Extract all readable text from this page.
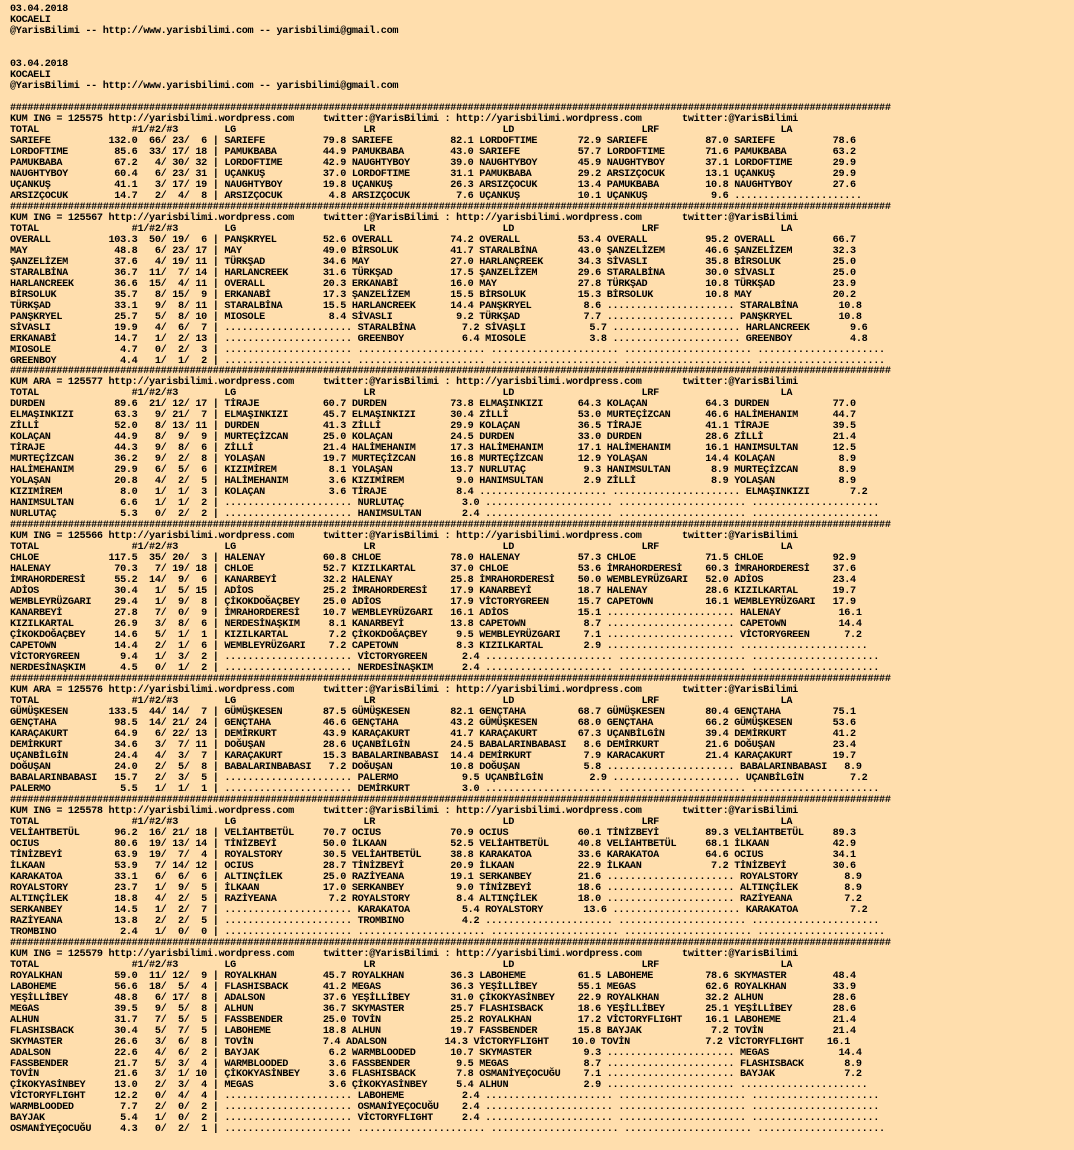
03.04.2018
KOCAELI
@YarisBilimi -- http://www.yarisbilimi.com -- yarisbilimi@gmail.com

03.04.2018
KOCAELI
@YarisBilimi -- http://www.yarisbilimi.com -- yarisbilimi@gmail.com

########################################################################################################################################################
KUM ING = 125575 http://yarisbilimi.wordpress.com     twitter:@YarisBilimi : http://yarisbilimi.wordpress.com       twitter:@YarisBilimi
TOTAL                #1/#2/#3        LG                      LR                      LD                      LRF                     LA
SARIEFE          132.0  66/ 23/  6 | SARIEFE          79.8 SARIEFE          82.1 LORDOFTIME       72.9 SARIEFE          87.0 SARIEFE          78.6
LORDOFTIME        85.6  33/ 17/ 18 | PAMUKBABA        44.9 PAMUKBABA        43.0 SARIEFE          57.7 LORDOFTIME       71.6 PAMUKBABA        63.2
PAMUKBABA         67.2   4/ 30/ 32 | LORDOFTIME       42.9 NAUGHTYBOY       39.0 NAUGHTYBOY       45.9 NAUGHTYBOY       37.1 LORDOFTIME       29.9
NAUGHTYBOY        60.4   6/ 23/ 31 | UÇANKUŞ          37.0 LORDOFTIME       31.1 PAMUKBABA        29.2 ARSIZÇOCUK       13.1 UÇANKUŞ          29.9
UÇANKUŞ           41.1   3/ 17/ 19 | NAUGHTYBOY       19.8 UÇANKUŞ          26.3 ARSIZÇOCUK       13.4 PAMUKBABA        10.8 NAUGHTYBOY       27.6
ARSIZÇOCUK        14.7   2/  4/  8 | ARSIZÇOCUK        4.8 ARSIZÇOCUK        7.6 UÇANKUŞ          10.1 UÇANKUŞ           9.6 ......................
########################################################################################################################################################
KUM ING = 125567 http://yarisbilimi.wordpress.com     twitter:@YarisBilimi : http://yarisbilimi.wordpress.com       twitter:@YarisBilimi
TOTAL                #1/#2/#3        LG                      LR                      LD                      LRF                     LA
OVERALL          103.3  50/ 19/  6 | PANŞKRYEL        52.6 OVERALL          74.2 OVERALL          53.4 OVERALL          95.2 OVERALL          66.7
MAY               48.8   6/ 23/ 17 | MAY              49.0 BİRSOLUK         41.7 STARALBİNA       43.0 ŞANZELİZEM       46.6 ŞANZELİZEM       32.3
ŞANZELİZEM        37.6   4/ 19/ 11 | TÜRKŞAD          34.6 MAY              27.0 HARLANÇREEK      34.3 SİVASLI          35.8 BİRSOLUK         25.0
STARALBİNA        36.7  11/  7/ 14 | HARLANCREEK      31.6 TÜRKŞAD          17.5 ŞANZELİZEM       29.6 STARALBİNA       30.0 SİVASLI          25.0
HARLANCREEK       36.6  15/  4/ 11 | OVERALL          20.3 ERKANABİ         16.0 MAY              27.8 TÜRKŞAD          10.8 TÜRKŞAD          23.9
BİRSOLUK          35.7   8/ 15/  9 | ERKANABİ         17.3 ŞANZELİZEM       15.5 BİRSOLUK         15.3 BİRSOLUK         10.8 MAY              20.2
TÜRKŞAD           33.1   9/  8/ 11 | STARALBİNA       15.5 HARLANCREEK      14.4 PANŞKRYEL         8.6 ...................... STARALBİNA       10.8
PANŞKRYEL         25.7   5/  8/ 10 | MIOSOLE           8.4 SİVASLI           9.2 TÜRKŞAD           7.7 ...................... PANŞKRYEL        10.8
SİVASLI           19.9   4/  6/  7 | ...................... STARALBİNA        7.2 SİVAŞLI           5.7 ...................... HARLANCREEK       9.6
ERKANABİ          14.7   1/  2/ 13 | ...................... GREENBOY          6.4 MIOSOLE           3.8 ...................... GREENBOY          4.8
MIOSOLE            4.7   0/  2/  3 | ...................... ...................... ...................... ...................... ......................
GREENBOY           4.4   1/  1/  2 | ...................... ...................... ...................... ...................... ......................
########################################################################################################################################################
KUM ARA = 125577 http://yarisbilimi.wordpress.com     twitter:@YarisBilimi : http://yarisbilimi.wordpress.com       twitter:@YarisBilimi
TOTAL                #1/#2/#3        LG                      LR                      LD                      LRF                     LA
DURDEN            89.6  21/ 12/ 17 | TİRAJE           60.7 DURDEN           73.8 ELMAŞINKIZI      64.3 KOLAÇAN          64.3 DURDEN           77.0
ELMAŞINKIZI       63.3   9/ 21/  7 | ELMAŞINKIZI      45.7 ELMAŞINKIZI      30.4 ZİLLİ            53.0 MURTEÇİZCAN      46.6 HALİMEHANIM      44.7
ZİLLİ             52.0   8/ 13/ 11 | DURDEN           41.3 ZİLLİ            29.9 KOLAÇAN          36.5 TİRAJE           41.1 TİRAJE           39.5
KOLAÇAN           44.9   8/  9/  9 | MURTEÇİZCAN      25.0 KOLAÇAN          24.5 DURDEN           33.0 DURDEN           28.6 ZİLLİ            21.4
TİRAJE            44.3   9/  8/  6 | ZİLLİ            21.4 HALİMEHANIM      17.3 HALİMEHANIM      17.1 HALİMEHANIM      16.1 HANIMSULTAN      12.5
MURTEÇİZCAN       36.2   9/  2/  8 | YOLAŞAN          19.7 MURTEÇİZCAN      16.8 MURTEÇİZCAN      12.9 YOLAŞAN          14.4 KOLAÇAN           8.9
HALİMEHANIM       29.9   6/  5/  6 | KIZIMİREM         8.1 YOLAŞAN          13.7 NURLUTAÇ          9.3 HANIMSULTAN       8.9 MURTEÇİZCAN       8.9
YOLAŞAN           20.8   4/  2/  5 | HALİMEHANIM       3.6 KIZIMİREM         9.0 HANIMSULTAN       2.9 ZİLLİ             8.9 YOLAŞAN           8.9
KIZIMİREM          8.0   1/  1/  3 | KOLAÇAN           3.6 TİRAJE            8.4 ...................... ...................... ELMAŞINKIZI       7.2
HANIMSULTAN        6.6   1/  1/  2 | ...................... NURLUTAÇ          3.0 ...................... ...................... ......................
NURLUTAÇ           5.3   0/  2/  2 | ...................... HANIMSULTAN       2.4 ...................... ...................... ......................
########################################################################################################################################################
KUM ING = 125566 http://yarisbilimi.wordpress.com     twitter:@YarisBilimi : http://yarisbilimi.wordpress.com       twitter:@YarisBilimi
TOTAL                #1/#2/#3        LG                      LR                      LD                      LRF                     LA
CHLOE            117.5  35/ 20/  3 | HALENAY          60.8 CHLOE            78.0 HALENAY          57.3 CHLOE            71.5 CHLOE            92.9
HALENAY           70.3   7/ 19/ 18 | CHLOE            52.7 KIZILKARTAL      37.0 CHLOE            53.6 İMRAHORDERESİ    60.3 İMRAHORDERESİ    37.6
İMRAHORDERESİ     55.2  14/  9/  6 | KANARBEYİ        32.2 HALENAY          25.8 İMRAHORDERESİ    50.0 WEMBLEYRÜZGARI   52.0 ADİOS            23.4
ADİOS             30.4   1/  5/ 15 | ADİOS            25.2 İMRAHORDERESİ    17.9 KANARBEYİ        18.7 HALENAY          28.6 KIZILKARTAL      19.7
WEMBLEYRÜZGARI    29.4   1/  9/  8 | ÇİKOKDOĞAÇBEY    25.0 ADİOS            17.9 VİCTORYGREEN     15.7 CAPETOWN         16.1 WEMBLEYRÜZGARI   17.9
KANARBEYİ         27.8   7/  0/  9 | İMRAHORDERESİ    10.7 WEMBLEYRÜZGARI   16.1 ADİOS            15.1 ...................... HALENAY          16.1
KIZILKARTAL       26.9   3/  8/  6 | NERDESİNAŞKIM     8.1 KANARBEYİ        13.8 CAPETOWN          8.7 ...................... CAPETOWN         14.4
ÇİKOKDOĞAÇBEY     14.6   5/  1/  1 | KIZILKARTAL       7.2 ÇİKOKDOĞAÇBEY     9.5 WEMBLEYRÜZGARI    7.1 ...................... VİCTORYGREEN      7.2
CAPETOWN          14.4   2/  1/  6 | WEMBLEYRÜZGARI    7.2 CAPETOWN          8.3 KIZILKARTAL       2.9 ...................... ......................
VİCTORYGREEN       9.4   1/  3/  2 | ...................... VİCTORYGREEN      2.4 ...................... ...................... ......................
NERDESİNAŞKIM      4.5   0/  1/  2 | ...................... NERDESİNAŞKIM     2.4 ...................... ...................... ......................
########################################################################################################################################################
KUM ARA = 125576 http://yarisbilimi.wordpress.com     twitter:@YarisBilimi : http://yarisbilimi.wordpress.com       twitter:@YarisBilimi
TOTAL                #1/#2/#3        LG                      LR                      LD                      LRF                     LA
GÜMÜŞKESEN       133.5  44/ 14/  7 | GÜMÜŞKESEN       87.5 GÜMÜŞKESEN       82.1 GENÇTAHA         68.7 GÜMÜŞKESEN       80.4 GENÇTAHA         75.1
GENÇTAHA          98.5  14/ 21/ 24 | GENÇTAHA         46.6 GENÇTAHA         43.2 GÜMÜŞKESEN       68.0 GENÇTAHA         66.2 GÜMÜŞKESEN       53.6
KARAÇAKURT        64.9   6/ 22/ 13 | DEMİRKURT        43.9 KARAÇAKURT       41.7 KARAÇAKURT       67.3 UÇANBİLGİN       39.4 DEMİRKURT        41.2
DEMİRKURT         34.6   3/  7/ 11 | DOĞUŞAN          28.6 UÇANBİLGİN       24.5 BABALARINBABASI   8.6 DEMİRKURT        21.6 DOĞUŞAN          23.4
UÇANBİLGİN        24.4   4/  3/  7 | KARAÇAKURT       15.3 BABALARINBABASI  14.4 DEMİRKURT         7.9 KARACAKURT       21.4 KARAÇAKURT       19.7
DOĞUŞAN           24.0   2/  5/  8 | BABALARINBABASI   7.2 DOĞUŞAN          10.8 DOĞUŞAN           5.8 ...................... BABALARINBABASI   8.9
BABALARINBABASI   15.7   2/  3/  5 | ...................... PALERMO           9.5 UÇANBİLGİN        2.9 ...................... UÇANBİLGİN        7.2
PALERMO            5.5   1/  1/  1 | ...................... DEMİRKURT         3.0 ...................... ...................... ......................
########################################################################################################################################################
KUM ING = 125578 http://yarisbilimi.wordpress.com     twitter:@YarisBilimi : http://yarisbilimi.wordpress.com       twitter:@YarisBilimi
TOTAL                #1/#2/#3        LG                      LR                      LD                      LRF                     LA
VELİAHTBETÜL      96.2  16/ 21/ 18 | VELİAHTBETÜL     70.7 OCIUS            70.9 OCIUS            60.1 TİNİZBEYİ        89.3 VELİAHTBETÜL     89.3
OCIUS             80.6  19/ 13/ 14 | TİNİZBEYİ        50.0 İLKAAN           52.5 VELİAHTBETÜL     40.8 VELİAHTBETÜL     68.1 İLKAAN           42.9
TİNİZBEYİ         63.9  19/  7/  4 | ROYALSTORY       30.5 VELİAHTBETÜL     38.8 KARAKATOA        33.6 KARAKATOA        64.6 OCIUS            34.1
İLKAAN            53.9   7/ 14/ 12 | OCIUS            28.7 TİNİZBEYİ        20.9 İLKAAN           22.9 İLKAAN            7.2 TİNİZBEYİ        30.6
KARAKATOA         33.1   6/  6/  6 | ALTINÇİLEK       25.0 RAZİYEANA        19.1 SERKANBEY        21.6 ...................... ROYALSTORY        8.9
ROYALSTORY        23.7   1/  9/  5 | İLKAAN           17.0 SERKANBEY         9.0 TİNİZBEYİ        18.6 ...................... ALTINÇİLEK        8.9
ALTINÇİLEK        18.8   4/  2/  5 | RAZİYEANA         7.2 ROYALSTORY        8.4 ALTINÇİLEK       18.0 ...................... RAZİYEANA         7.2
SERKANBEY         14.5   1/  2/  7 | ...................... KARAKATOA         5.4 ROYALSTORY       13.6 ...................... KARAKATOA         7.2
RAZİYEANA         13.8   2/  2/  5 | ...................... TROMBINO          4.2 ...................... ...................... ......................
TROMBINO           2.4   1/  0/  0 | ...................... ...................... ...................... ...................... ......................
########################################################################################################################################################
KUM ING = 125579 http://yarisbilimi.wordpress.com     twitter:@YarisBilimi : http://yarisbilimi.wordpress.com       twitter:@YarisBilimi
TOTAL                #1/#2/#3        LG                      LR                      LD                      LRF                     LA
ROYALKHAN         59.0  11/ 12/  9 | ROYALKHAN        45.7 ROYALKHAN        36.3 LABOHEME         61.5 LABOHEME         78.6 SKYMASTER        48.4
LABOHEME          56.6  18/  5/  4 | FLASHISBACK      41.2 MEGAS            36.3 YEŞİLLİBEY       55.1 MEGAS            62.6 ROYALKHAN        33.9
YEŞİLLİBEY        48.8   6/ 17/  8 | ADALSON          37.6 YEŞİLLİBEY       31.0 ÇİKOKYASİNBEY    22.9 ROYALKHAN        32.2 ALHUN            28.6
MEGAS             39.5   9/  5/  8 | ALHUN            36.7 SKYMASTER        25.7 FLASHISBACK      18.6 YEŞİLLİBEY       25.1 YEŞİLLİBEY       28.6
ALHUN             31.7   7/  5/  5 | FASSBENDER       25.0 TOVİN            25.2 ROYALKHAN        17.2 VİCTORYFLIGHT    16.1 LABOHEME         21.4
FLASHISBACK       30.4   5/  7/  5 | LABOHEME         18.8 ALHUN            19.7 FASSBENDER       15.8 BAYJAK            7.2 TOVİN            21.4
SKYMASTER         26.6   3/  6/  8 | TOVİN            7.4 ADALSON          14.3 VİCTORYFLIGHT    10.0 TOVİN             7.2 VİCTORYFLIGHT    16.1
ADALSON           22.6   4/  6/  2 | BAYJAK            6.2 WARMBLOODED      10.7 SKYMASTER         9.3 ...................... MEGAS            14.4
FASSBENDER        21.7   5/  3/  4 | WARMBLOODED       3.6 FASSBENDER        9.5 MEGAS             8.7 ...................... FLASHISBACK       8.9
TOVİN             21.6   3/  1/ 10 | ÇİKOKYASİNBEY     3.6 FLASHISBACK       7.8 OSMANİYEÇOCUĞU    7.1 ...................... BAYJAK            7.2
ÇİKOKYASİNBEY     13.0   2/  3/  4 | MEGAS             3.6 ÇİKOKYASİNBEY     5.4 ALHUN             2.9 ...................... ......................
VİCTORYFLIGHT     12.2   0/  4/  4 | ...................... LABOHEME          2.4 ...................... ...................... ......................
WARMBLOODED        7.7   2/  0/  2 | ...................... OSMANİYEÇOCUĞU    2.4 ...................... ...................... ......................
BAYJAK             5.4   1/  0/  2 | ...................... VİCTORYFLIGHT     2.4 ...................... ...................... ......................
OSMANİYEÇOCUĞU     4.3   0/  2/  1 | ...................... ...................... ...................... ...................... ......................
